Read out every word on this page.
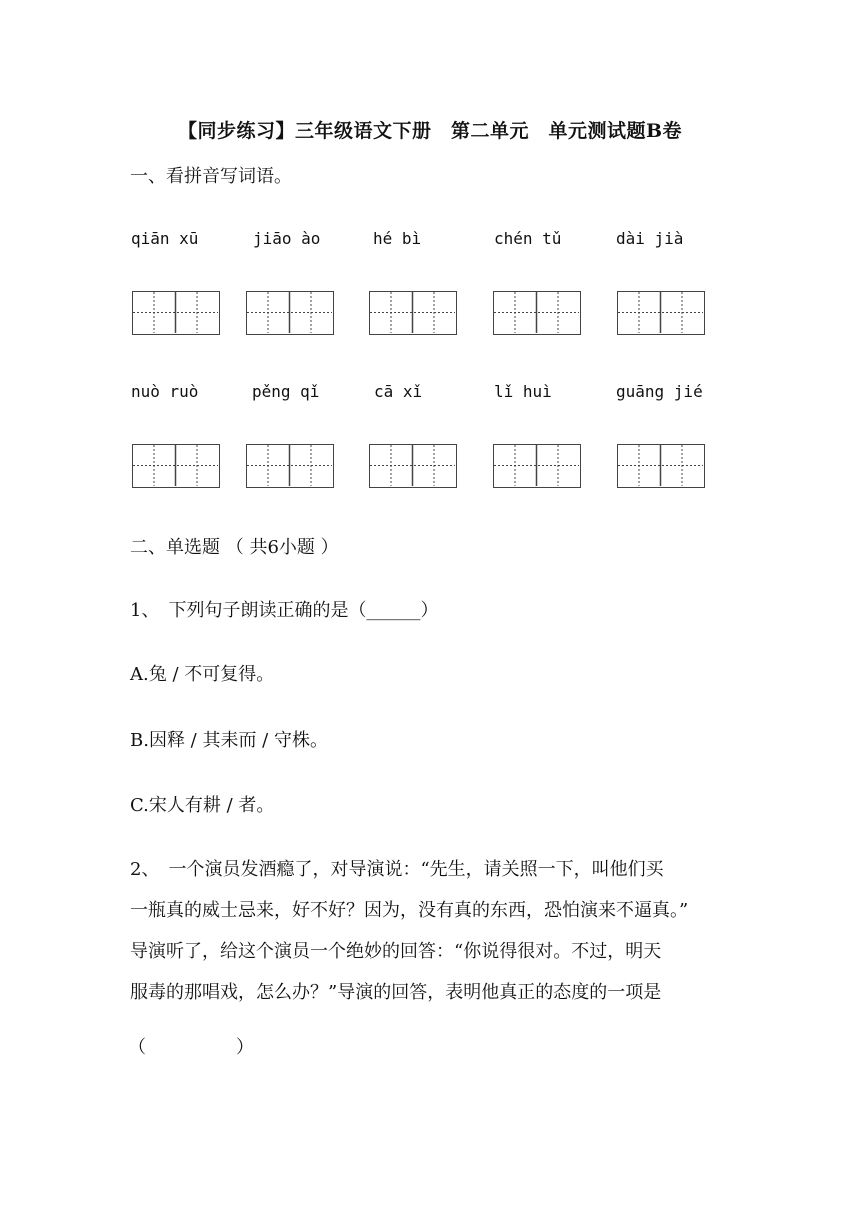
【同步练习】三年级语文下册　第二单元　单元测试题B卷
一、看拼音写词语。
qiān xū	jiāo ào	hé bì	chén tǔ	dài jià
nuò ruò	pěng qǐ	cā xǐ	lǐ huì	guāng jié
二、单选题 （ 共6小题 ）
1、　下列句子朗读正确的是（______）
A.兔 / 不可复得。
B.因释 / 其耒而 / 守株。
C.宋人有耕 / 者。
2、　一个演员发酒瘾了，对导演说：“先生，请关照一下，叫他们买
一瓶真的威士忌来，好不好？因为，没有真的东西，恐怕演来不逼真。”
导演听了，给这个演员一个绝妙的回答：“你说得很对。不过，明天
服毒的那唱戏，怎么办？”导演的回答，表明他真正的态度的一项是
（　　　　　）
